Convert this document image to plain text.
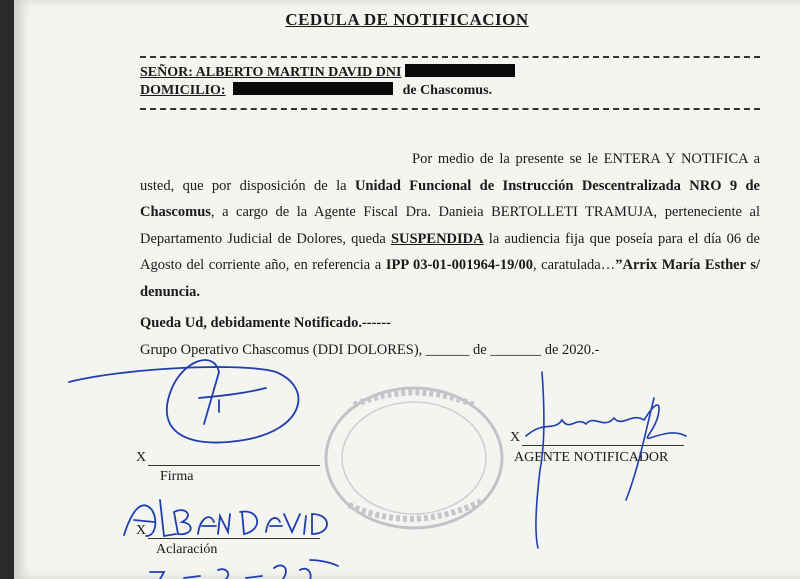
CEDULA DE NOTIFICACION
SEÑOR: ALBERTO MARTIN DAVID DNI
DOMICILIO:	de Chascomus.
Por medio de la presente se le ENTERA Y NOTIFICA a usted, que por disposición de la Unidad Funcional de Instrucción Descentralizada NRO 9 de Chascomus, a cargo de la Agente Fiscal Dra. Danieia BERTOLLETI TRAMUJA, perteneciente al Departamento Judicial de Dolores, queda SUSPENDIDA la audiencia fija que poseía para el día 06 de Agosto del corriente año, en referencia a IPP 03-01-001964-19/00, caratulada…”Arrix María Esther s/ denuncia.
Queda Ud, debidamente Notificado.------
Grupo Operativo Chascomus (DDI DOLORES), ______ de _______ de 2020.-
X
Firma
X
Aclaración
X
AGENTE NOTIFICADOR
